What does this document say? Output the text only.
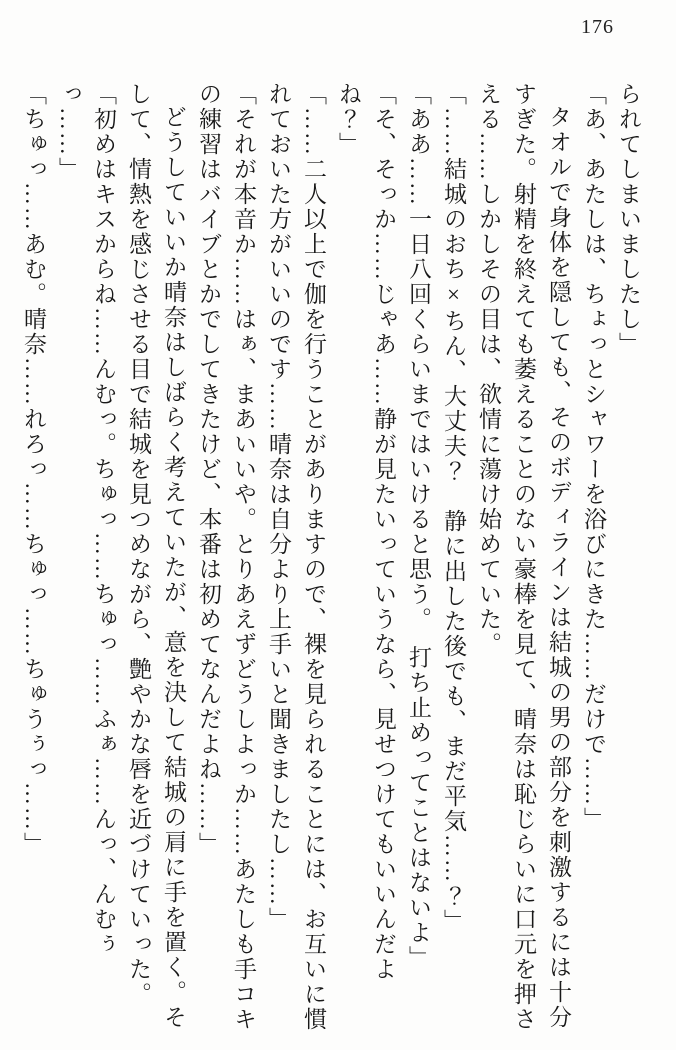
176

られてしまいましたし」

「あ、あたしは、ちょっとシャワーを浴びにきた……だけで……」

タオルで身体を隠しても、そのボディラインは結城の男の部分を刺激するには十分すぎた。射精を終えても萎えることのない豪棒を見て、晴奈は恥じらいに口元を押さえる……しかしその目は、欲情に蕩け始めていた。

「……結城のおち×ちん、大丈夫？　静に出した後でも、まだ平気……？」

「ああ……一日八回くらいまではいけると思う。　打ち止めってことはないよ」

「そ、そっか……じゃあ……静が見たいっていうなら、見せつけてもいいんだよね？」

「……二人以上で伽を行うことがありますので、裸を見られることには、お互いに慣れておいた方がいいのです……晴奈は自分より上手いと聞きましたし……」

「それが本音か……はぁ、まあいいや。とりあえずどうしよっか……あたしも手コキの練習はバイブとかでしてきたけど、本番は初めてなんだよね……」

どうしていいか晴奈はしばらく考えていたが、意を決して結城の肩に手を置く。そして、情熱を感じさせる目で結城を見つめながら、艶やかな唇を近づけていった。

「初めはキスからね……んむっ。ちゅっ……ちゅっ……ふぁ……んっ、んむぅっ……」

「ちゅっ……あむ。晴奈……れろっ……ちゅっ……ちゅうぅっ……」
